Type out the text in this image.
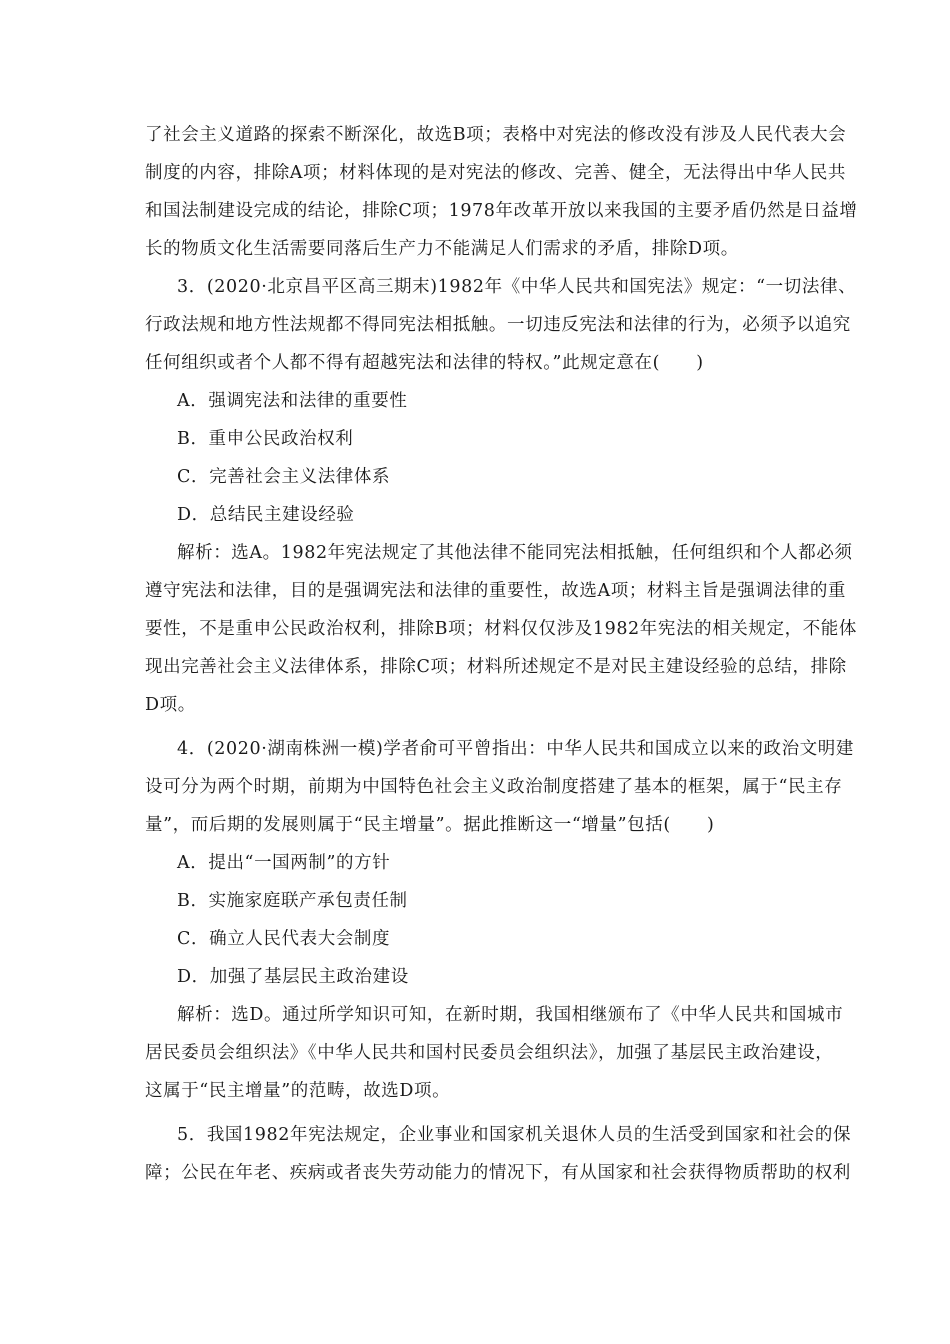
了社会主义道路的探索不断深化，故选B项；表格中对宪法的修改没有涉及人民代表大会
制度的内容，排除A项；材料体现的是对宪法的修改、完善、健全，无法得出中华人民共
和国法制建设完成的结论，排除C项；1978年改革开放以来我国的主要矛盾仍然是日益增
长的物质文化生活需要同落后生产力不能满足人们需求的矛盾，排除D项。
3．(2020·北京昌平区高三期末)1982年《中华人民共和国宪法》规定：“一切法律、
行政法规和地方性法规都不得同宪法相抵触。一切违反宪法和法律的行为，必须予以追究
任何组织或者个人都不得有超越宪法和法律的特权。”此规定意在(　　)
A．强调宪法和法律的重要性
B．重申公民政治权利
C．完善社会主义法律体系
D．总结民主建设经验
解析：选A。1982年宪法规定了其他法律不能同宪法相抵触，任何组织和个人都必须
遵守宪法和法律，目的是强调宪法和法律的重要性，故选A项；材料主旨是强调法律的重
要性，不是重申公民政治权利，排除B项；材料仅仅涉及1982年宪法的相关规定，不能体
现出完善社会主义法律体系，排除C项；材料所述规定不是对民主建设经验的总结，排除
D项。
4．(2020·湖南株洲一模)学者俞可平曾指出：中华人民共和国成立以来的政治文明建
设可分为两个时期，前期为中国特色社会主义政治制度搭建了基本的框架，属于“民主存
量”，而后期的发展则属于“民主增量”。据此推断这一“增量”包括(　　)
A．提出“一国两制”的方针
B．实施家庭联产承包责任制
C．确立人民代表大会制度
D．加强了基层民主政治建设
解析：选D。通过所学知识可知，在新时期，我国相继颁布了《中华人民共和国城市
居民委员会组织法》《中华人民共和国村民委员会组织法》，加强了基层民主政治建设，
这属于“民主增量”的范畴，故选D项。
5．我国1982年宪法规定，企业事业和国家机关退休人员的生活受到国家和社会的保
障；公民在年老、疾病或者丧失劳动能力的情况下，有从国家和社会获得物质帮助的权利
